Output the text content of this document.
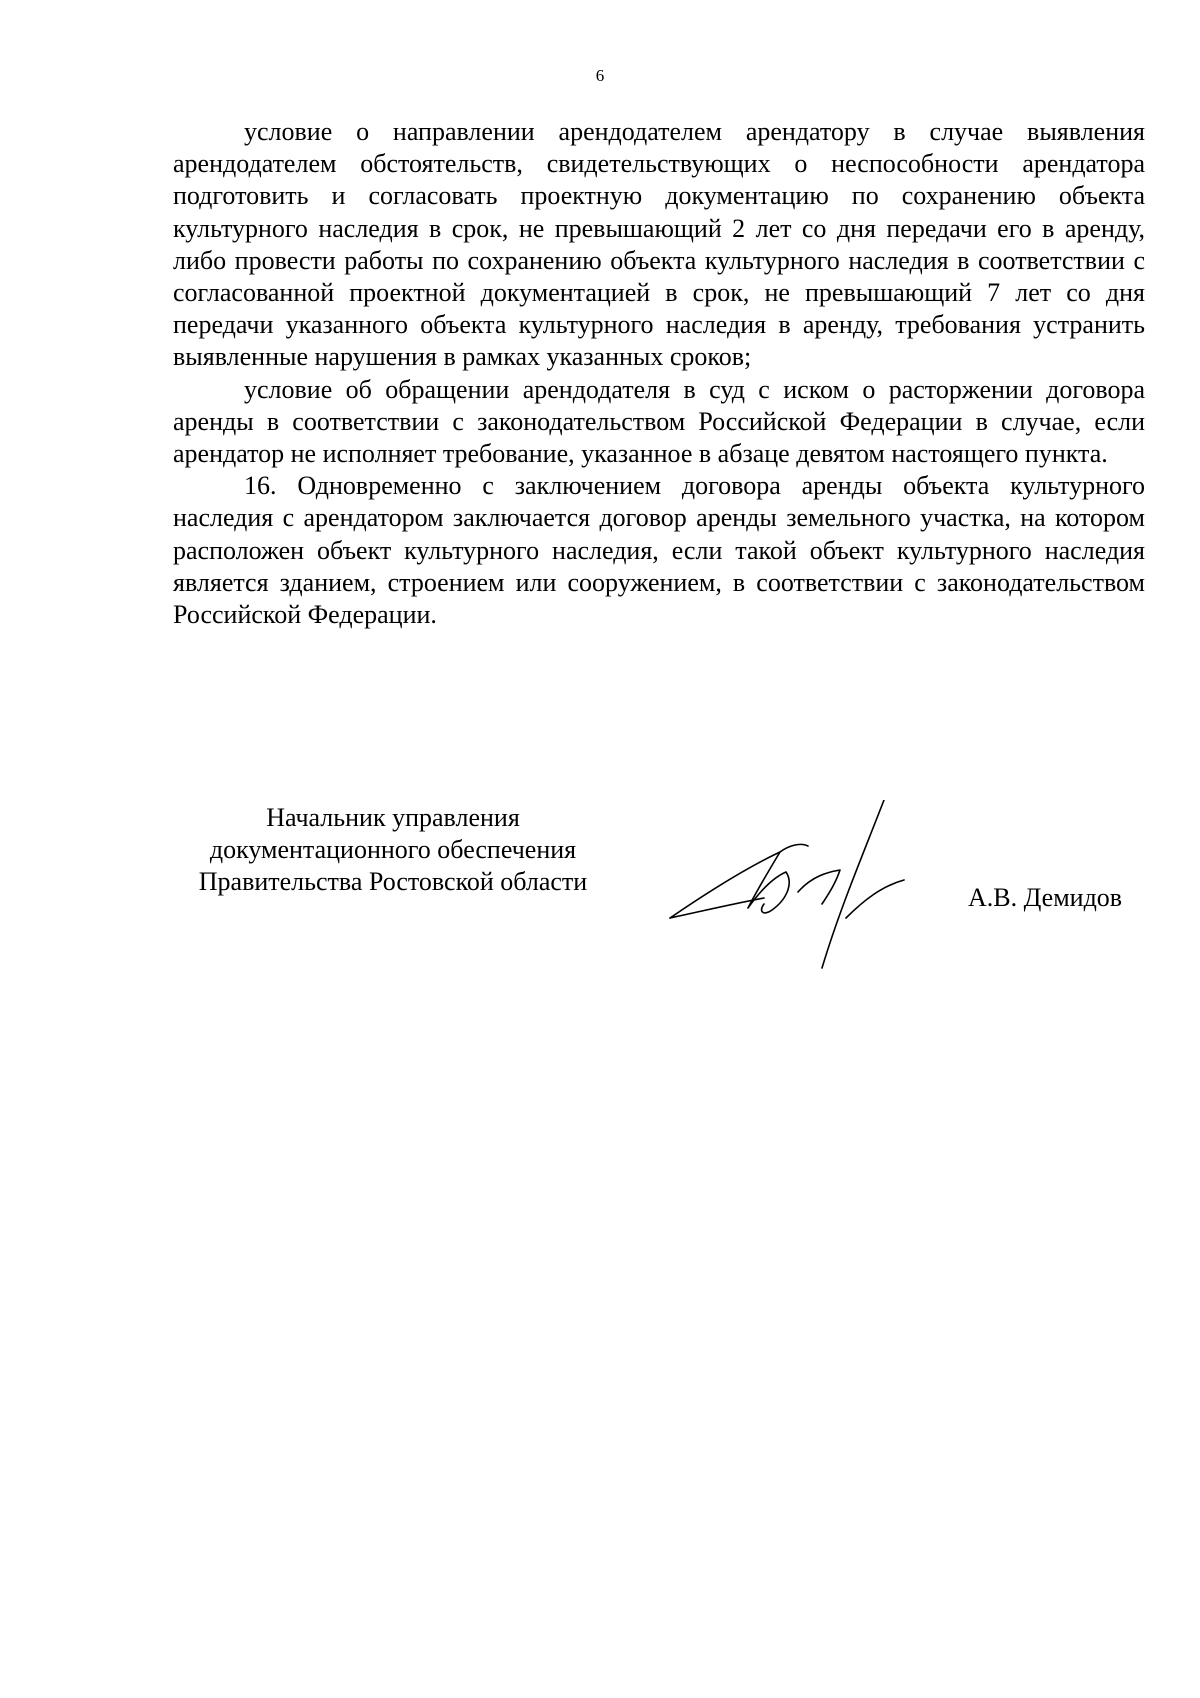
6

условие о направлении арендодателем арендатору в случае выявления арендодателем обстоятельств, свидетельствующих о неспособности арендатора подготовить и согласовать проектную документацию по сохранению объекта культурного наследия в срок, не превышающий 2 лет со дня передачи его в аренду, либо провести работы по сохранению объекта культурного наследия в соответствии с согласованной проектной документацией в срок, не превышающий 7 лет со дня передачи указанного объекта культурного наследия в аренду, требования устранить выявленные нарушения в рамках указанных сроков;

условие об обращении арендодателя в суд с иском о расторжении договора аренды в соответствии с законодательством Российской Федерации в случае, если арендатор не исполняет требование, указанное в абзаце девятом настоящего пункта.

16. Одновременно с заключением договора аренды объекта культурного наследия с арендатором заключается договор аренды земельного участка, на котором расположен объект культурного наследия, если такой объект культурного наследия является зданием, строением или сооружением, в соответствии с законодательством Российской Федерации.

Начальник управления
документационного обеспечения
Правительства Ростовской области
А.В. Демидов
